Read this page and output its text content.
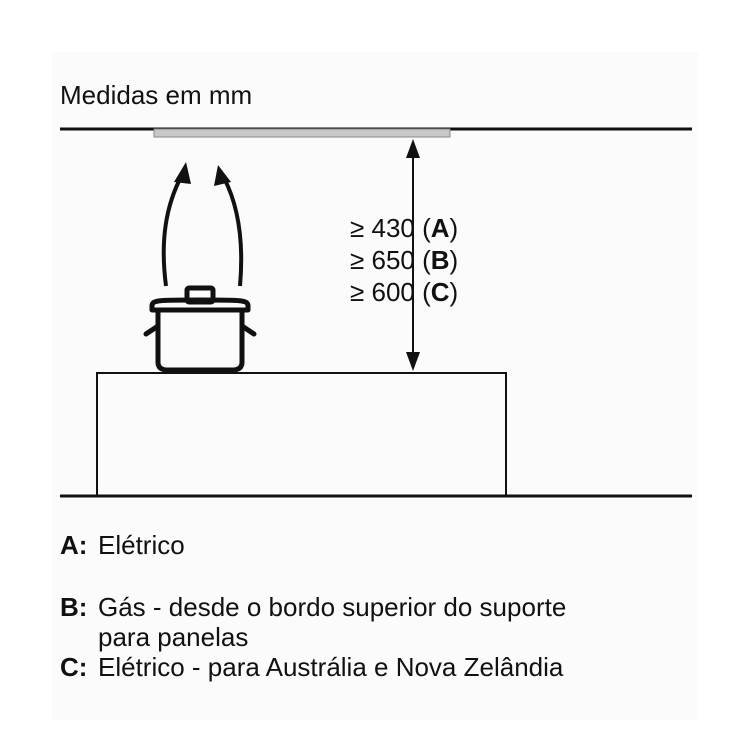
Medidas em mm
≥ 430 (A)
≥ 650 (B)
≥ 600 (C)
A: Elétrico
B: Gás - desde o bordo superior do suporte
para panelas
C: Elétrico - para Austrália e Nova Zelândia
